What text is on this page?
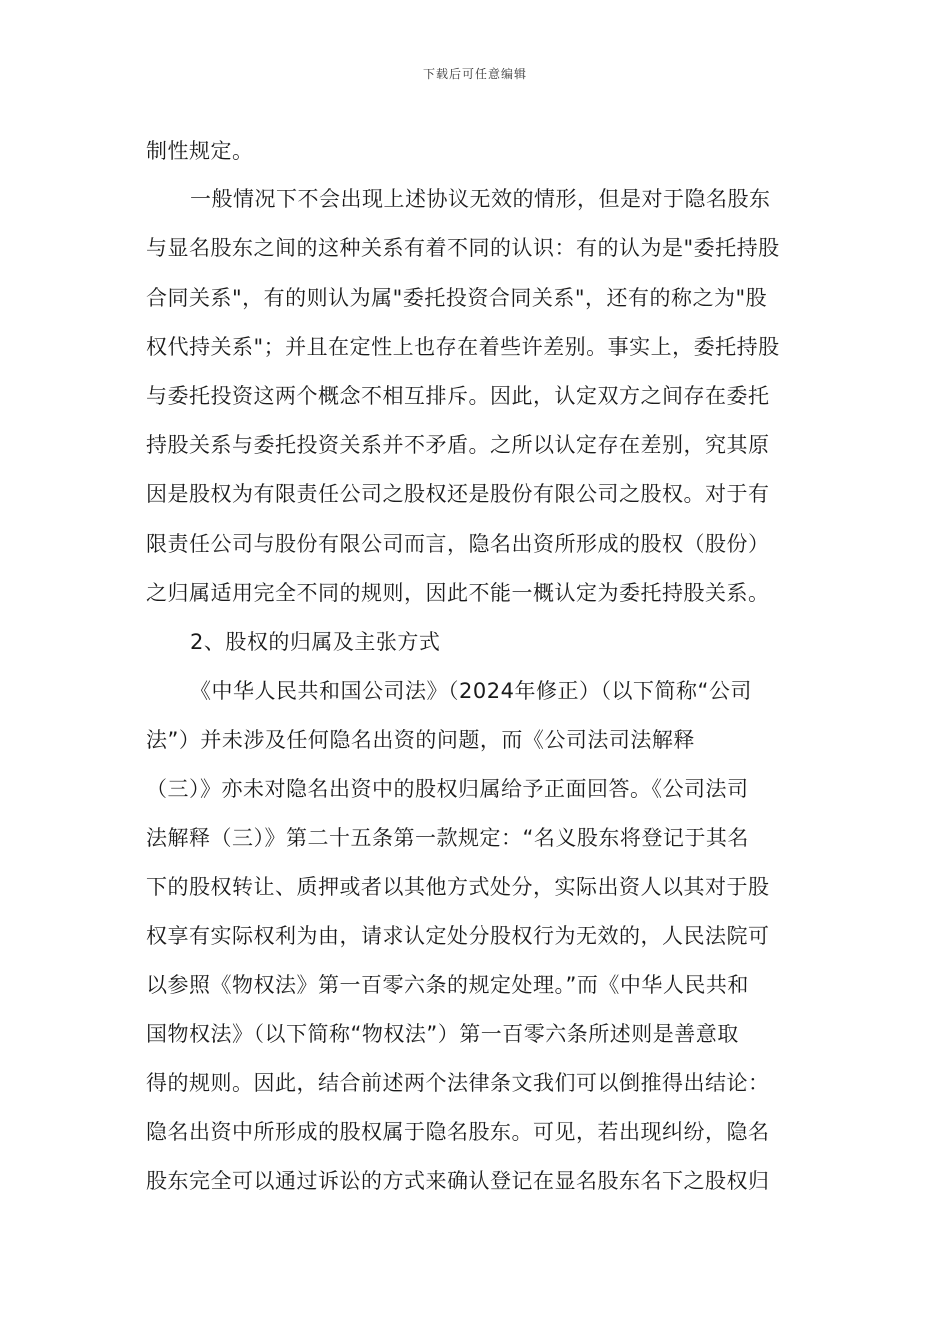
下载后可任意编辑
制性规定。
一般情况下不会出现上述协议无效的情形，但是对于隐名股东
与显名股东之间的这种关系有着不同的认识：有的认为是"委托持股
合同关系"，有的则认为属"委托投资合同关系"，还有的称之为"股
权代持关系"；并且在定性上也存在着些许差别。事实上，委托持股
与委托投资这两个概念不相互排斥。因此，认定双方之间存在委托
持股关系与委托投资关系并不矛盾。之所以认定存在差别，究其原
因是股权为有限责任公司之股权还是股份有限公司之股权。对于有
限责任公司与股份有限公司而言，隐名出资所形成的股权（股份）
之归属适用完全不同的规则，因此不能一概认定为委托持股关系。
2、股权的归属及主张方式
《中华人民共和国公司法》（2024年修正）（以下简称“公司
法”）并未涉及任何隐名出资的问题，而《公司法司法解释
（三）》亦未对隐名出资中的股权归属给予正面回答。《公司法司
法解释（三）》第二十五条第一款规定：“名义股东将登记于其名
下的股权转让、质押或者以其他方式处分，实际出资人以其对于股
权享有实际权利为由，请求认定处分股权行为无效的，人民法院可
以参照《物权法》第一百零六条的规定处理。”而《中华人民共和
国物权法》（以下简称“物权法”）第一百零六条所述则是善意取
得的规则。因此，结合前述两个法律条文我们可以倒推得出结论：
隐名出资中所形成的股权属于隐名股东。可见，若出现纠纷，隐名
股东完全可以通过诉讼的方式来确认登记在显名股东名下之股权归
